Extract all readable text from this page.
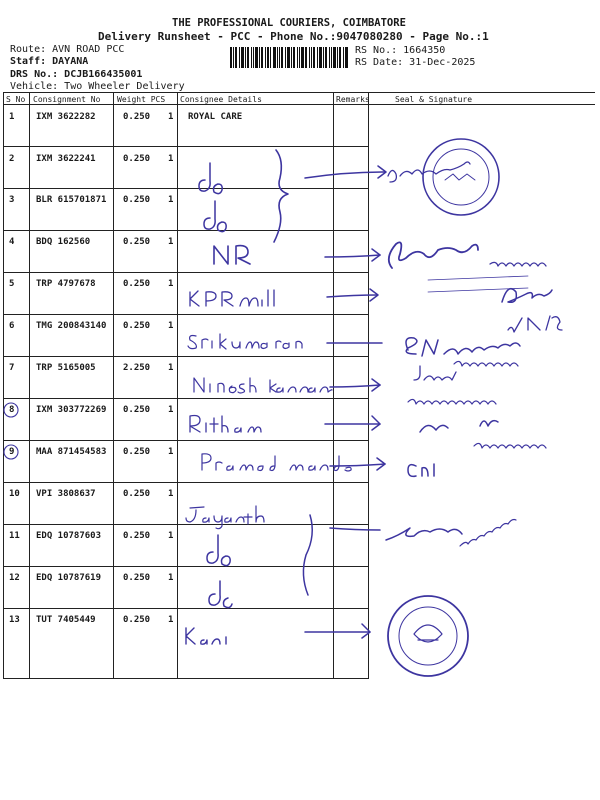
THE PROFESSIONAL COURIERS, COIMBATORE
Delivery Runsheet - PCC - Phone No.:9047080280 - Page No.:1
RS No.: 1664350
RS Date: 31-Dec-2025
Route: AVN ROAD PCC
Staff: DAYANA
DRS No.: DCJB166435001
Vehicle: Two Wheeler Delivery
S No Consignment No Weight PCS Consignee Details	Remarks	Seal & Signature
1 IXM 3622282	0.250 1 ROYAL CARE
2 IXM 3622241	0.250 1
3 BLR 615701871 0.250 1
4 BDQ 162560	0.250 1
5 TRP 4797678	0.250 1
6 TMG 200843140 0.250 1
7 TRP 5165005	2.250 1
8 IXM 303772269 0.250 1
9 MAA 871454583 0.250 1
10 VPI 3808637	0.250 1
11 EDQ 10787603 0.250 1
12 EDQ 10787619 0.250 1
13 TUT 7405449	0.250 1
